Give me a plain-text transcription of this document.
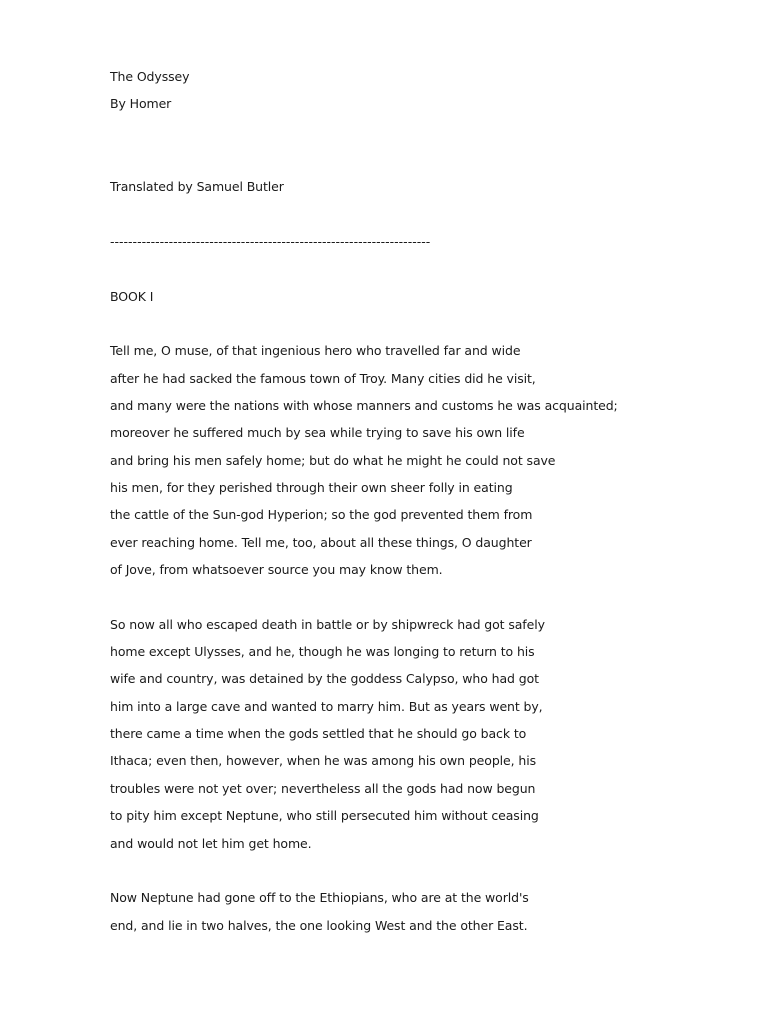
The Odyssey
By Homer
Translated by Samuel Butler
-----------------------------------------------------------------------
BOOK I
Tell me, O muse, of that ingenious hero who travelled far and wide
after he had sacked the famous town of Troy. Many cities did he visit,
and many were the nations with whose manners and customs he was acquainted;
moreover he suffered much by sea while trying to save his own life
and bring his men safely home; but do what he might he could not save
his men, for they perished through their own sheer folly in eating
the cattle of the Sun-god Hyperion; so the god prevented them from
ever reaching home. Tell me, too, about all these things, O daughter
of Jove, from whatsoever source you may know them.
So now all who escaped death in battle or by shipwreck had got safely
home except Ulysses, and he, though he was longing to return to his
wife and country, was detained by the goddess Calypso, who had got
him into a large cave and wanted to marry him. But as years went by,
there came a time when the gods settled that he should go back to
Ithaca; even then, however, when he was among his own people, his
troubles were not yet over; nevertheless all the gods had now begun
to pity him except Neptune, who still persecuted him without ceasing
and would not let him get home.
Now Neptune had gone off to the Ethiopians, who are at the world's
end, and lie in two halves, the one looking West and the other East.
